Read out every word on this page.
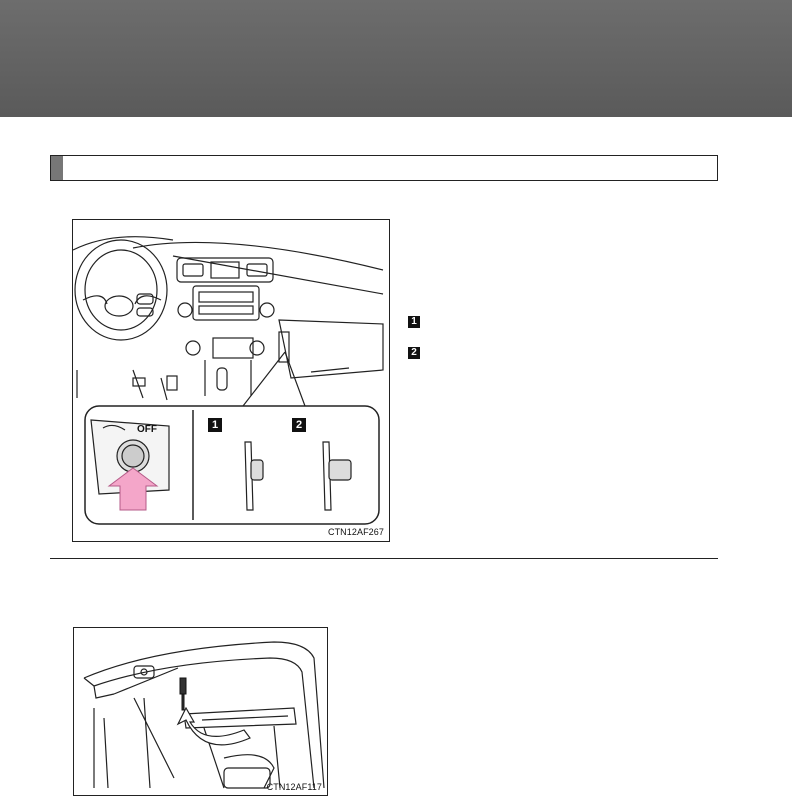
OFF	1	2
CTN12AF267
1
2
CTN12AF117
